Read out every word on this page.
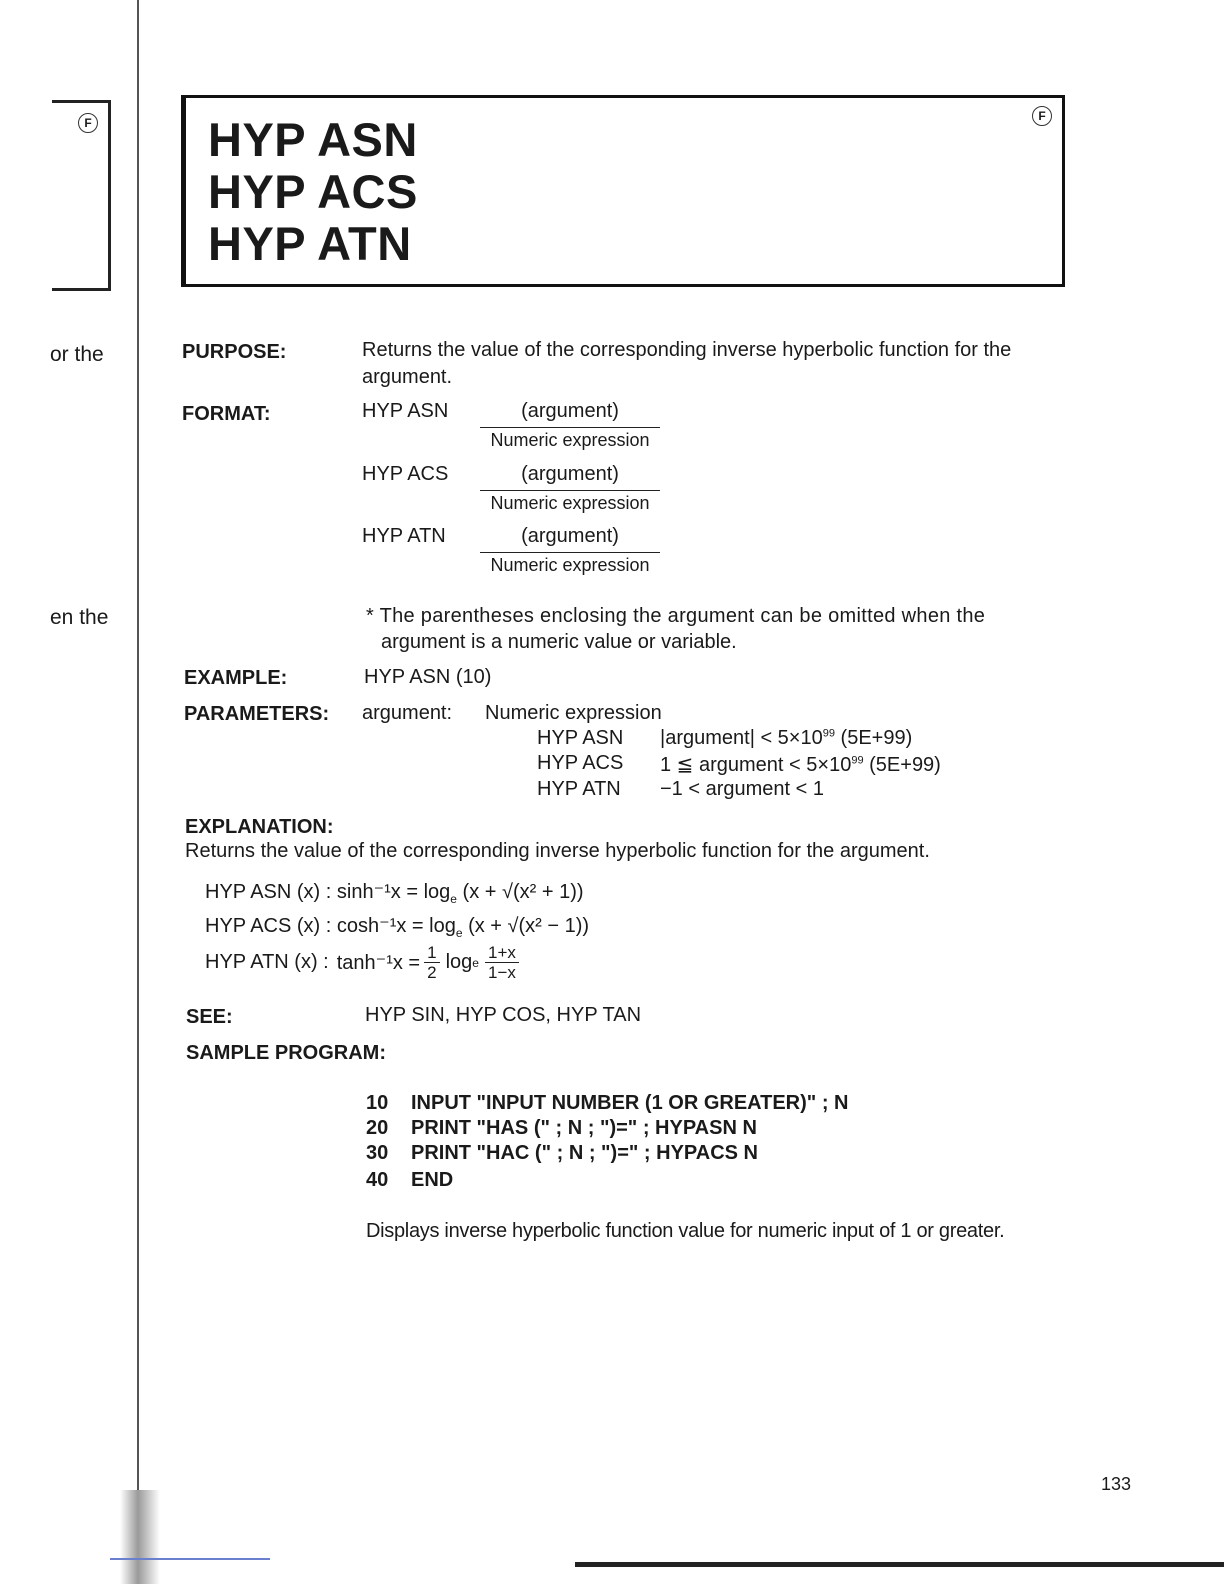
F
or the
en the
HYP ASN
HYP ACS
HYP ATN
F
PURPOSE:	Returns the value of the corresponding inverse hyperbolic function for the
argument.
FORMAT:	HYP ASN	(argument)
Numeric expression
HYP ACS	(argument)
Numeric expression
HYP ATN	(argument)
Numeric expression
* The parentheses enclosing the argument can be omitted when the
argument is a numeric value or variable.
EXAMPLE:	HYP ASN (10)
PARAMETERS: argument: Numeric expression
HYP ASN |argument| < $5\times 10^{99}$ (5E+99)
HYP ACS 1 ≦ argument < $5\times 10^{99}$ (5E+99)
HYP ATN −1 < argument < 1
EXPLANATION:
Returns the value of the corresponding inverse hyperbolic function for the argument.
HYP ASN (x) : $\sinh^{-1}x = \log_e (x + √(x^2 + 1))$
HYP ACS (x) : $\cosh^{-1}x = \log_e (x + √(x^2 - 1))$
HYP ATN (x) : $\tanh^{-1}x = \frac{1}{2}$ log e
1+x
1−x
SEE:	HYP SIN, HYP COS, HYP TAN
SAMPLE PROGRAM:
10 INPUT "INPUT NUMBER (1 OR GREATER)" ; N
20 PRINT "HAS (" ; N ; ")=" ; HYPASN N
30 PRINT "HAC (" ; N ; ")=" ; HYPACS N
40 END
Displays inverse hyperbolic function value for numeric input of 1 or greater.
133
